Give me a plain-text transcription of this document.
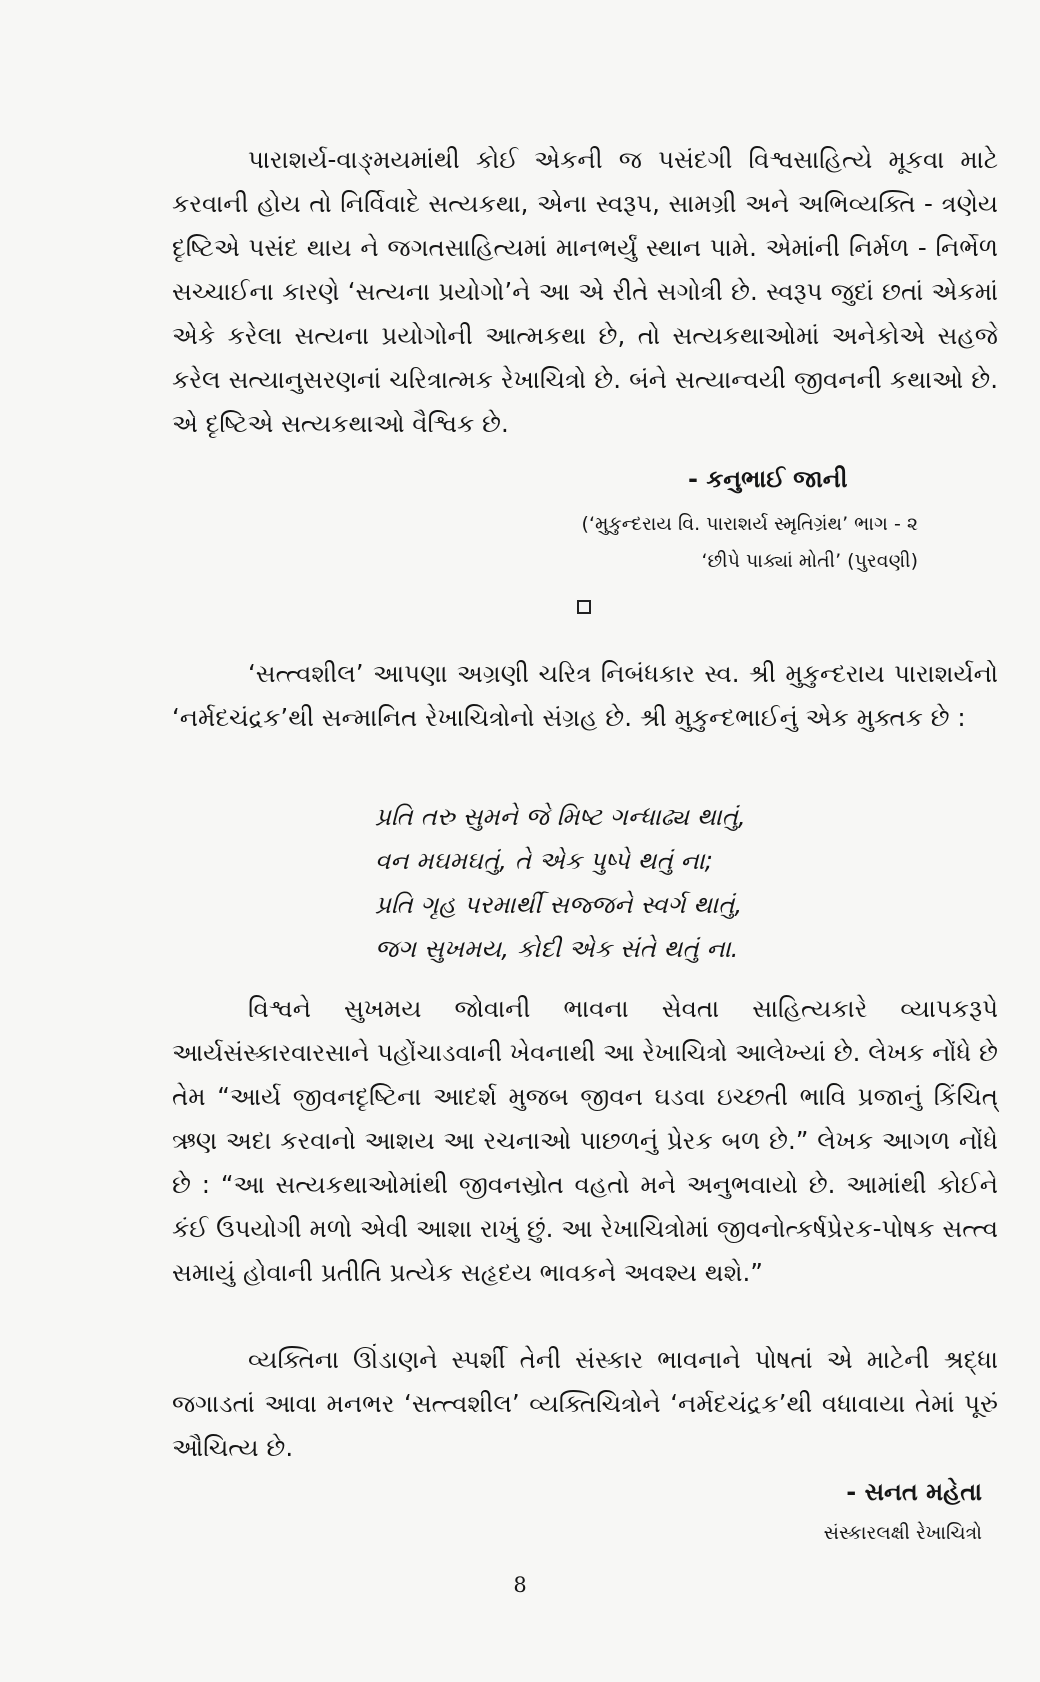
પારાશર્ય-વાઙ્મયમાંથી કોઈ એકની જ પસંદગી વિશ્વસાહિત્યે મૂકવા માટે કરવાની હોય તો નિર્વિવાદે સત્યકથા, એના સ્વરૂપ, સામગ્રી અને અભિવ્યક્તિ - ત્રણેય દૃષ્ટિએ પસંદ થાય ને જગતસાહિત્યમાં માનભર્યું સ્થાન પામે. એમાંની નિર્મળ - નિર્ભેળ સચ્ચાઈના કારણે ‘સત્યના પ્રયોગો’ને આ એ રીતે સગોત્રી છે. સ્વરૂપ જુદાં છતાં એકમાં એકે કરેલા સત્યના પ્રયોગોની આત્મકથા છે, તો સત્યકથાઓમાં અનેકોએ સહજે કરેલ સત્યાનુસરણનાં ચરિત્રાત્મક રેખાચિત્રો છે. બંને સત્યાન્વયી જીવનની કથાઓ છે. એ દૃષ્ટિએ સત્યકથાઓ વૈશ્વિક છે.

- કનુભાઈ જાની
(‘મુકુન્દરાય વિ. પારાશર્ય સ્મૃતિગ્રંથ’ ભાગ - ૨
‘છીપે પાક્યાં મોતી’ (પુરવણી)

‘સત્ત્વશીલ’ આપણા અગ્રણી ચરિત્ર નિબંધકાર સ્વ. શ્રી મુકુન્દરાય પારાશર્યનો ‘નર્મદચંદ્રક’થી સન્માનિત રેખાચિત્રોનો સંગ્રહ છે. શ્રી મુકુન્દભાઈનું એક મુક્તક છે :

પ્રતિ તરુ સુમને જે મિષ્ટ ગન્ધાઢ્ય થાતું,
વન મઘમઘતું, તે એક પુષ્પે થતું ના;
પ્રતિ ગૃહ પરમાર્થી સજ્જને સ્વર્ગ થાતું,
જગ સુખમય, કોદી એક સંતે થતું ના.

વિશ્વને સુખમય જોવાની ભાવના સેવતા સાહિત્યકારે વ્યાપકરૂપે આર્યસંસ્કારવારસાને પહોંચાડવાની ખેવનાથી આ રેખાચિત્રો આલેખ્યાં છે. લેખક નોંધે છે તેમ “આર્ય જીવનદૃષ્ટિના આદર્શ મુજબ જીવન ઘડવા ઇચ્છતી ભાવિ પ્રજાનું કિંચિત્ ઋણ અદા કરવાનો આશય આ રચનાઓ પાછળનું પ્રેરક બળ છે.” લેખક આગળ નોંધે છે : “આ સત્યકથાઓમાંથી જીવનસ્રોત વહતો મને અનુભવાયો છે. આમાંથી કોઈને કંઈ ઉપયોગી મળો એવી આશા રાખું છું. આ રેખાચિત્રોમાં જીવનોત્કર્ષપ્રેરક-પોષક સત્ત્વ સમાયું હોવાની પ્રતીતિ પ્રત્યેક સહૃદય ભાવકને અવશ્ય થશે.”

વ્યક્તિના ઊંડાણને સ્પર્શી તેની સંસ્કાર ભાવનાને પોષતાં એ માટેની શ્રદ્ધા જગાડતાં આવા મનભર ‘સત્ત્વશીલ’ વ્યક્તિચિત્રોને ‘નર્મદચંદ્રક’થી વધાવાયા તેમાં પૂરું ઔચિત્ય છે.

- સનત મહેતા
સંસ્કારલક્ષી રેખાચિત્રો
8
